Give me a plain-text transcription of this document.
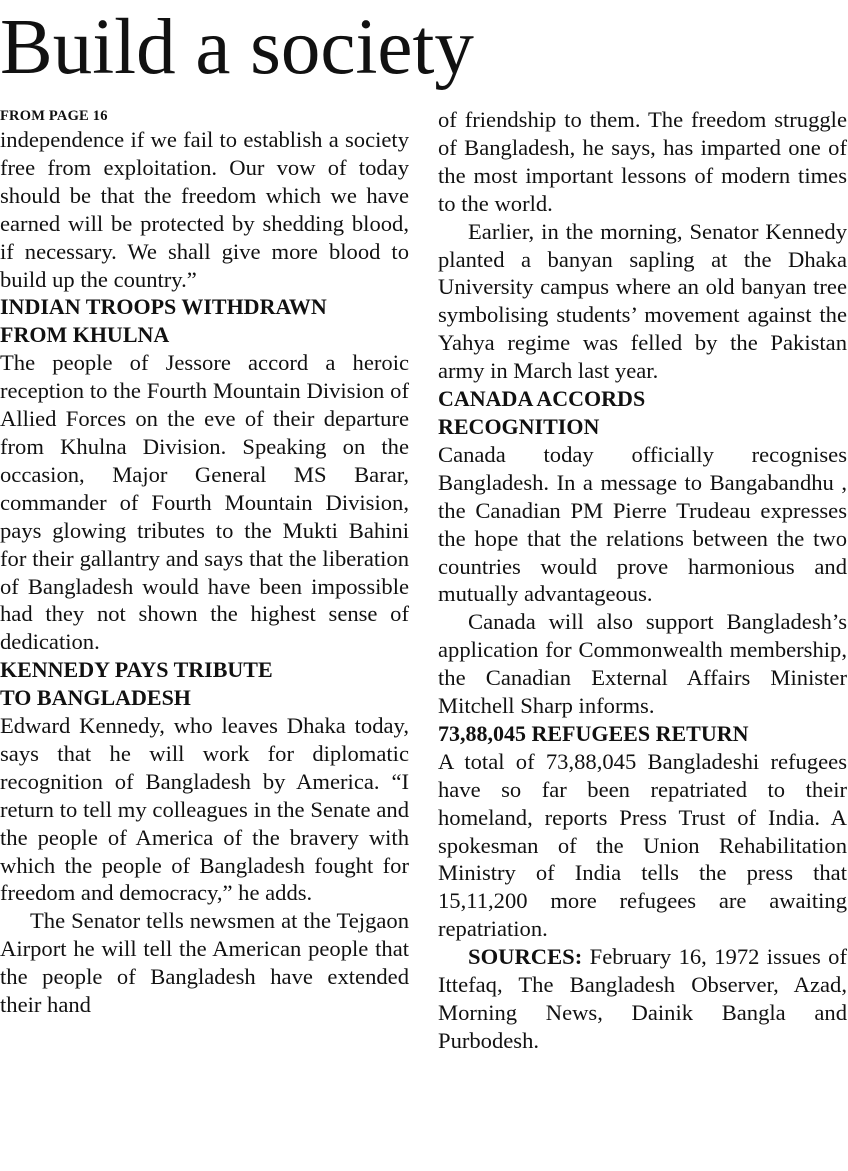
Build a society

FROM PAGE 16

independence if we fail to establish a society free from exploitation. Our vow of today should be that the freedom which we have earned will be protected by shedding blood, if necessary. We shall give more blood to build up the country.”

INDIAN TROOPS WITHDRAWN

FROM KHULNA

The people of Jessore accord a heroic reception to the Fourth Mountain Division of Allied Forces on the eve of their departure from Khulna Division. Speaking on the occasion, Major General MS Barar, commander of Fourth Mountain Division, pays glowing tributes to the Mukti Bahini for their gallantry and says that the liberation of Bangladesh would have been impossible had they not shown the highest sense of dedication.

KENNEDY PAYS TRIBUTE

TO BANGLADESH

Edward Kennedy, who leaves Dhaka today, says that he will work for diplomatic recognition of Bangladesh by America. “I return to tell my colleagues in the Senate and the people of America of the bravery with which the people of Bangladesh fought for freedom and democracy,” he adds.

The Senator tells newsmen at the Tejgaon Airport he will tell the American people that the people of Bangladesh have extended their hand

of friendship to them. The freedom struggle of Bangladesh, he says, has imparted one of the most important lessons of modern times to the world.

Earlier, in the morning, Senator Kennedy planted a banyan sapling at the Dhaka University campus where an old banyan tree symbolising students’ movement against the Yahya regime was felled by the Pakistan army in March last year.

CANADA ACCORDS

RECOGNITION

Canada today officially recognises Bangladesh. In a message to Bangabandhu , the Canadian PM Pierre Trudeau expresses the hope that the relations between the two countries would prove harmonious and mutually advantageous.

Canada will also support Bangladesh’s application for Commonwealth membership, the Canadian External Affairs Minister Mitchell Sharp informs.

73,88,045 REFUGEES RETURN

A total of 73,88,045 Bangladeshi refugees have so far been repatriated to their homeland, reports Press Trust of India. A spokesman of the Union Rehabilitation Ministry of India tells the press that 15,11,200 more refugees are awaiting repatriation.

SOURCES: February 16, 1972 issues of Ittefaq, The Bangladesh Observer, Azad, Morning News, Dainik Bangla and Purbodesh.
